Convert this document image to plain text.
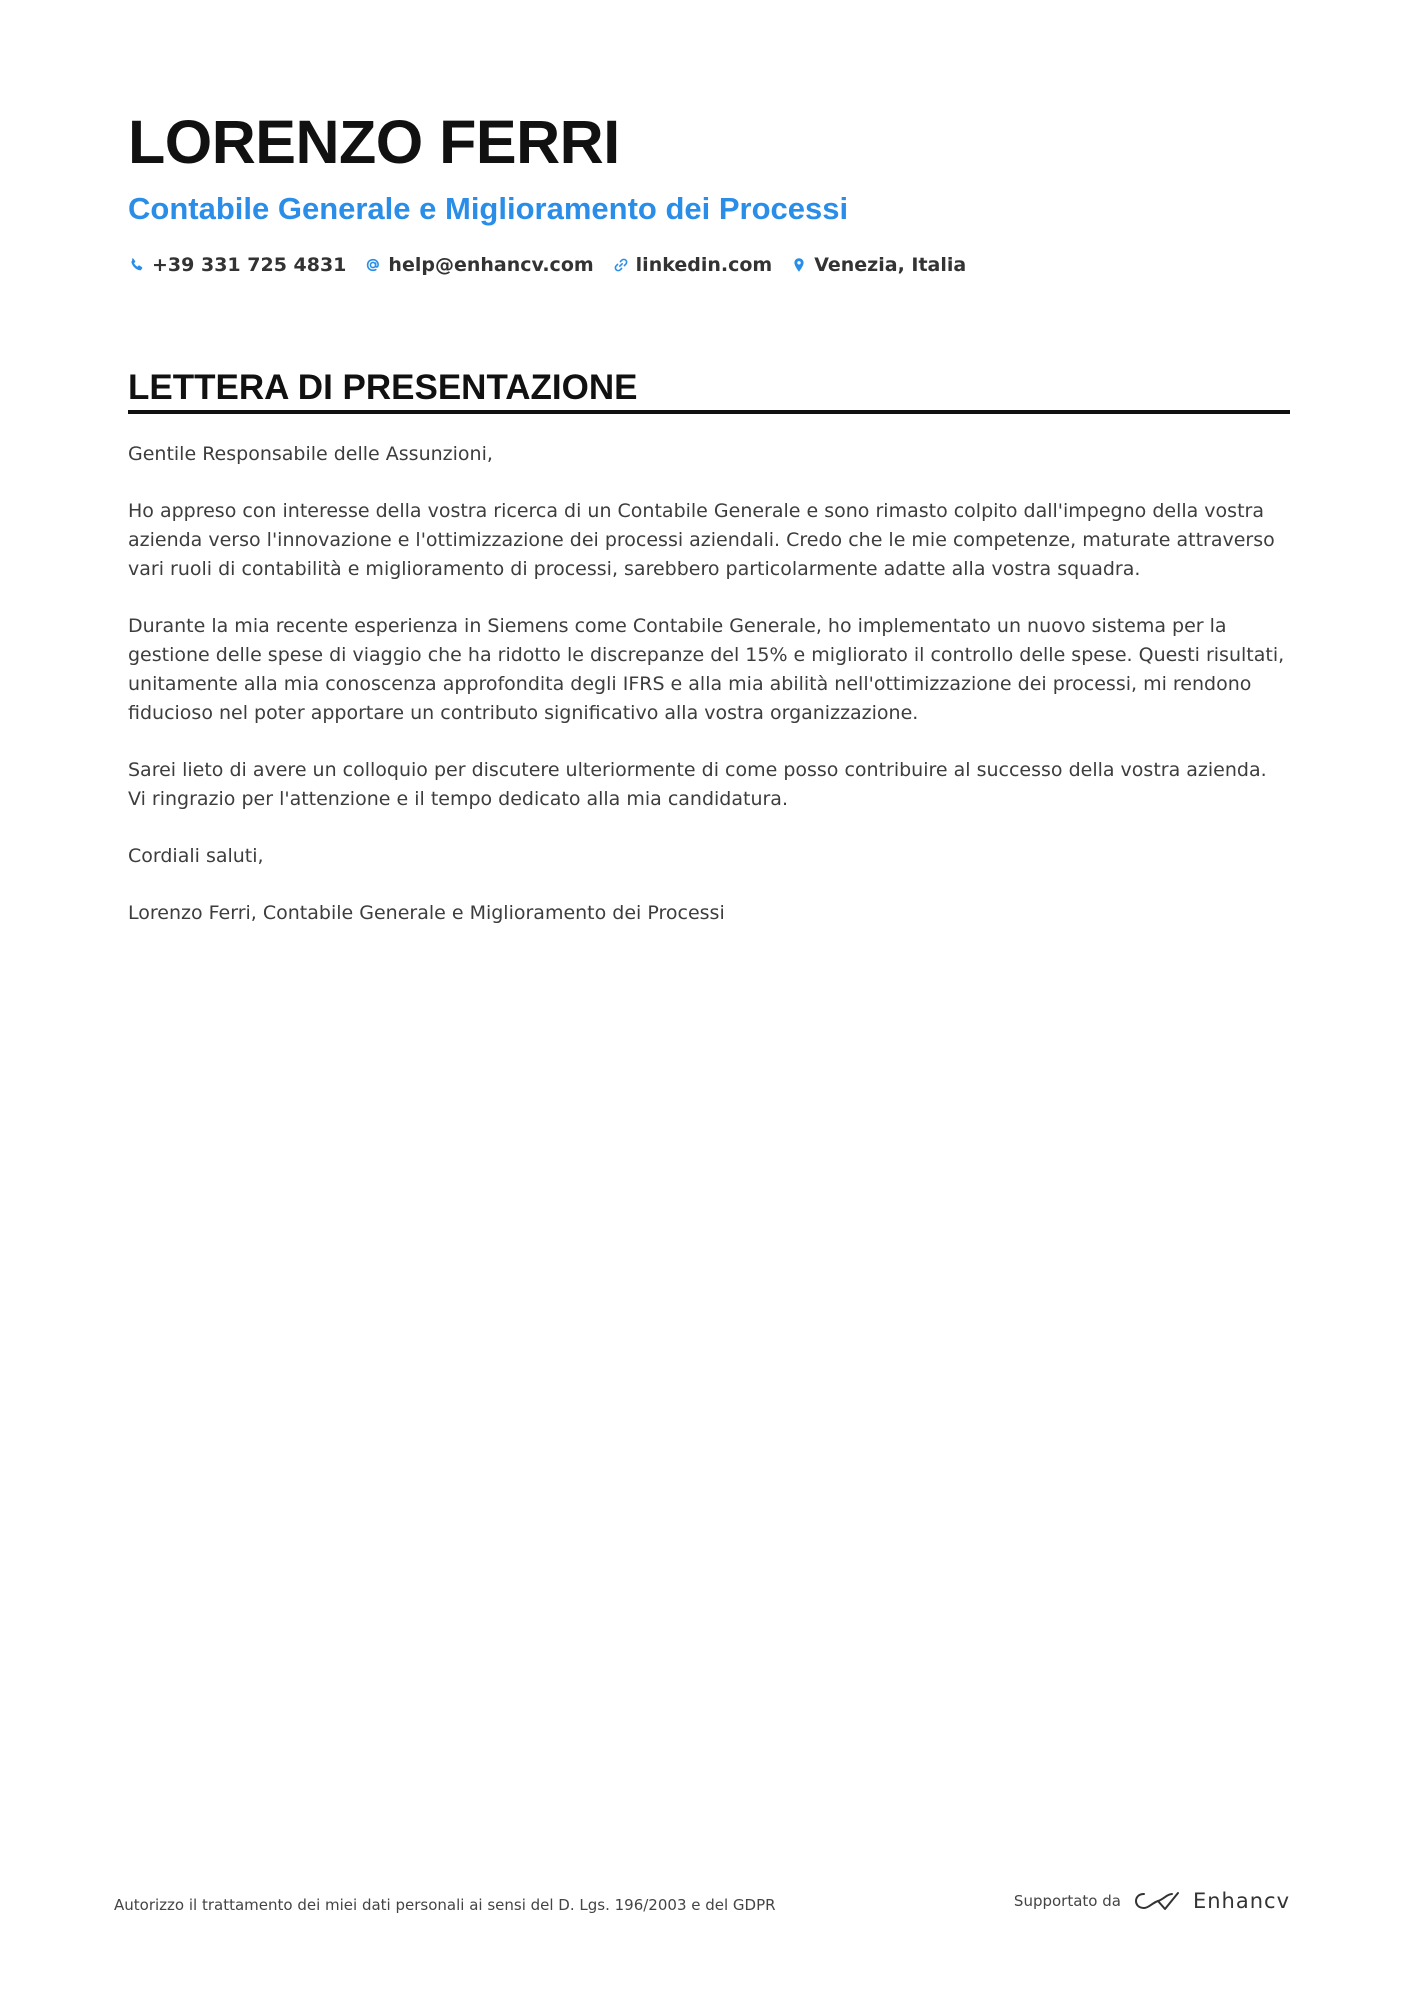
LORENZO FERRI
Contabile Generale e Miglioramento dei Processi
+39 331 725 4831 help@enhancv.com linkedin.com Venezia, Italia
LETTERA DI PRESENTAZIONE

Gentile Responsabile delle Assunzioni,

Ho appreso con interesse della vostra ricerca di un Contabile Generale e sono rimasto colpito dall'impegno della vostra azienda verso l'innovazione e l'ottimizzazione dei processi aziendali. Credo che le mie competenze, maturate attraverso vari ruoli di contabilità e miglioramento di processi, sarebbero particolarmente adatte alla vostra squadra.

Durante la mia recente esperienza in Siemens come Contabile Generale, ho implementato un nuovo sistema per la gestione delle spese di viaggio che ha ridotto le discrepanze del 15% e migliorato il controllo delle spese. Questi risultati, unitamente alla mia conoscenza approfondita degli IFRS e alla mia abilità nell'ottimizzazione dei processi, mi rendono fiducioso nel poter apportare un contributo significativo alla vostra organizzazione.

Sarei lieto di avere un colloquio per discutere ulteriormente di come posso contribuire al successo della vostra azienda. Vi ringrazio per l'attenzione e il tempo dedicato alla mia candidatura.

Cordiali saluti,

Lorenzo Ferri, Contabile Generale e Miglioramento dei Processi

Autorizzo il trattamento dei miei dati personali ai sensi del D. Lgs. 196/2003 e del GDPR	Supportato da	Enhancv
